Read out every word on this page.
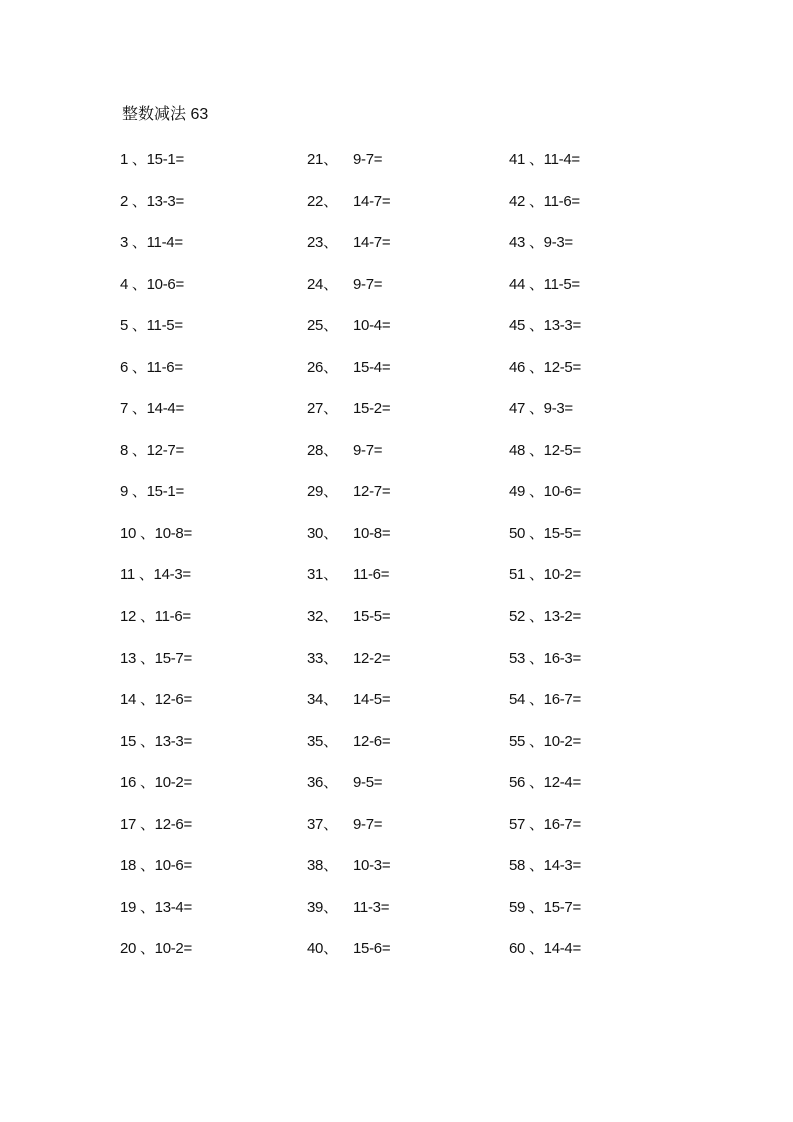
整数减法 63
1 、15-1=
2 、13-3=
3 、11-4=
4 、10-6=
5 、11-5=
6 、11-6=
7 、14-4=
8 、12-7=
9 、15-1=
10 、10-8=
11 、14-3=
12 、11-6=
13 、15-7=
14 、12-6=
15 、13-3=
16 、10-2=
17 、12-6=
18 、10-6=
19 、13-4=
20 、10-2=
21、 9-7=
22、 14-7=
23、 14-7=
24、 9-7=
25、 10-4=
26、 15-4=
27、 15-2=
28、 9-7=
29、 12-7=
30、 10-8=
31、 11-6=
32、 15-5=
33、 12-2=
34、 14-5=
35、 12-6=
36、 9-5=
37、 9-7=
38、 10-3=
39、 11-3=
40、 15-6=
41 、11-4=
42 、11-6=
43 、9-3=
44 、11-5=
45 、13-3=
46 、12-5=
47 、9-3=
48 、12-5=
49 、10-6=
50 、15-5=
51 、10-2=
52 、13-2=
53 、16-3=
54 、16-7=
55 、10-2=
56 、12-4=
57 、16-7=
58 、14-3=
59 、15-7=
60 、14-4=
